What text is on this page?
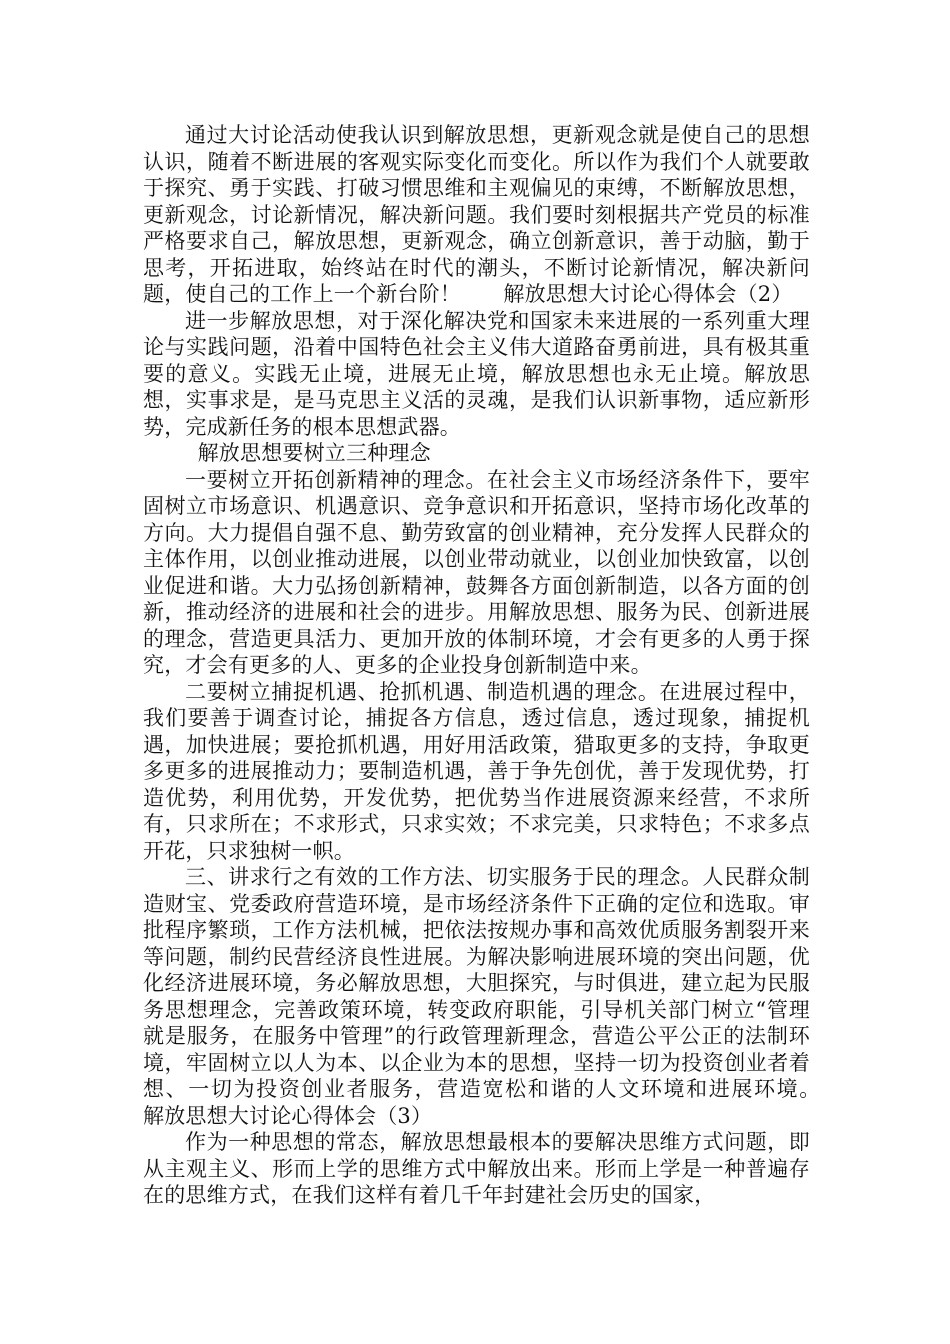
通过大讨论活动使我认识到解放思想，更新观念就是使自己的思想认识，随着不断进展的客观实际变化而变化。所以作为我们个人就要敢于探究、勇于实践、打破习惯思维和主观偏见的束缚，不断解放思想，更新观念，讨论新情况，解决新问题。我们要时刻根据共产党员的标准严格要求自己，解放思想，更新观念，确立创新意识，善于动脑，勤于思考，开拓进取，始终站在时代的潮头，不断讨论新情况，解决新问题，使自己的工作上一个新台阶！　　解放思想大讨论心得体会（2）

进一步解放思想，对于深化解决党和国家未来进展的一系列重大理论与实践问题，沿着中国特色社会主义伟大道路奋勇前进，具有极其重要的意义。实践无止境，进展无止境，解放思想也永无止境。解放思想，实事求是，是马克思主义活的灵魂，是我们认识新事物，适应新形势，完成新任务的根本思想武器。

解放思想要树立三种理念

一要树立开拓创新精神的理念。在社会主义市场经济条件下，要牢固树立市场意识、机遇意识、竞争意识和开拓意识，坚持市场化改革的方向。大力提倡自强不息、勤劳致富的创业精神，充分发挥人民群众的主体作用，以创业推动进展，以创业带动就业，以创业加快致富，以创业促进和谐。大力弘扬创新精神，鼓舞各方面创新制造，以各方面的创新，推动经济的进展和社会的进步。用解放思想、服务为民、创新进展的理念，营造更具活力、更加开放的体制环境，才会有更多的人勇于探究，才会有更多的人、更多的企业投身创新制造中来。

二要树立捕捉机遇、抢抓机遇、制造机遇的理念。在进展过程中，我们要善于调查讨论，捕捉各方信息，透过信息，透过现象，捕捉机遇，加快进展；要抢抓机遇，用好用活政策，猎取更多的支持，争取更多更多的进展推动力；要制造机遇，善于争先创优，善于发现优势，打造优势，利用优势，开发优势，把优势当作进展资源来经营，不求所有，只求所在；不求形式，只求实效；不求完美，只求特色；不求多点开花，只求独树一帜。

三、讲求行之有效的工作方法、切实服务于民的理念。人民群众制造财宝、党委政府营造环境，是市场经济条件下正确的定位和选取。审批程序繁琐，工作方法机械，把依法按规办事和高效优质服务割裂开来等问题，制约民营经济良性进展。为解决影响进展环境的突出问题，优化经济进展环境，务必解放思想，大胆探究，与时俱进，建立起为民服务思想理念，完善政策环境，转变政府职能，引导机关部门树立“管理就是服务，在服务中管理”的行政管理新理念，营造公平公正的法制环境，牢固树立以人为本、以企业为本的思想，坚持一切为投资创业者着想、一切为投资创业者服务，营造宽松和谐的人文环境和进展环境。　　解放思想大讨论心得体会（3）

作为一种思想的常态，解放思想最根本的要解决思维方式问题，即从主观主义、形而上学的思维方式中解放出来。形而上学是一种普遍存在的思维方式，在我们这样有着几千年封建社会历史的国家，
